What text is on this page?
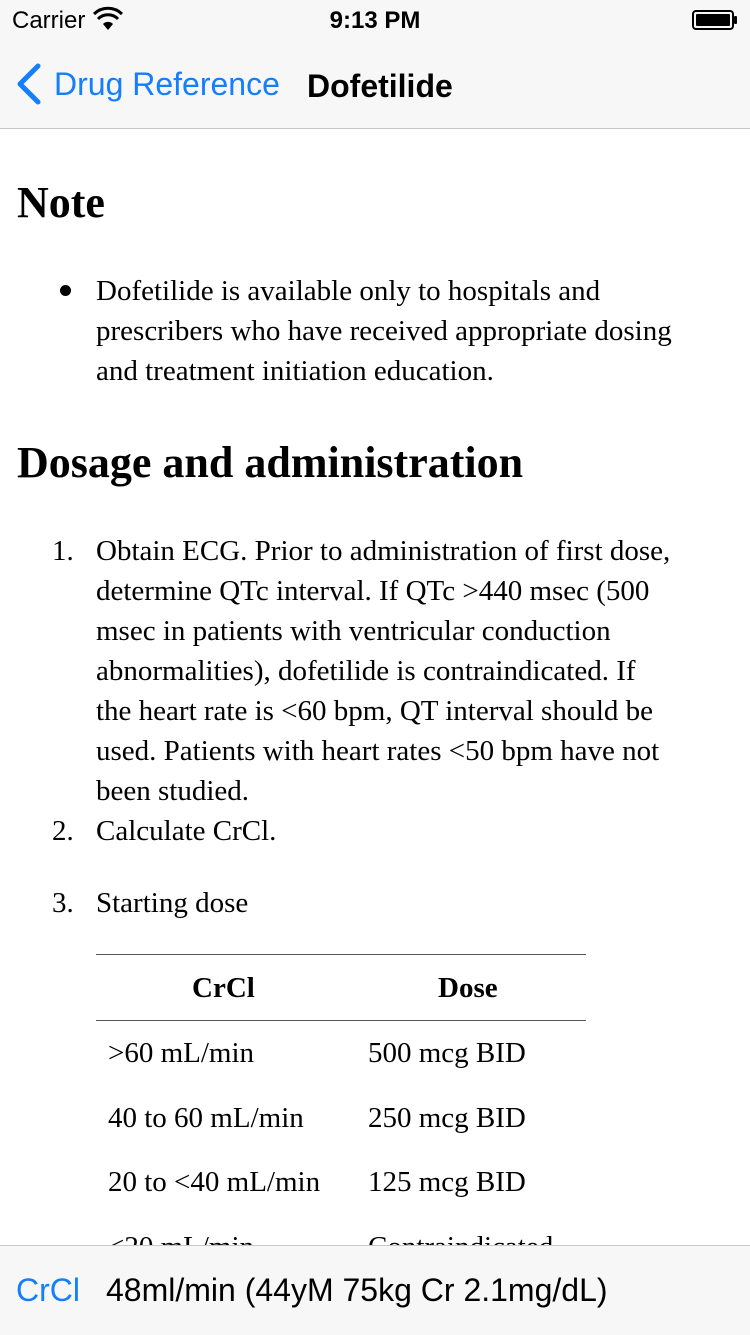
Carrier	9:13 PM
Drug Reference Dofetilide
Note
Dofetilide is available only to hospitals and
prescribers who have received appropriate dosing
and treatment initiation education.
Dosage and administration
1. Obtain ECG. Prior to administration of first dose,
determine QTc interval. If QTc >440 msec (500
msec in patients with ventricular conduction
abnormalities), dofetilide is contraindicated. If
the heart rate is <60 bpm, QT interval should be
used. Patients with heart rates <50 bpm have not
been studied.
2. Calculate CrCl.
3. Starting dose
CrCl	Dose
>60 mL/min	500 mcg BID
40 to 60 mL/min 250 mcg BID
20 to <40 mL/min 125 mcg BID
CrCl 48ml/min (44yM 75kg Cr 2.1mg/dL)
